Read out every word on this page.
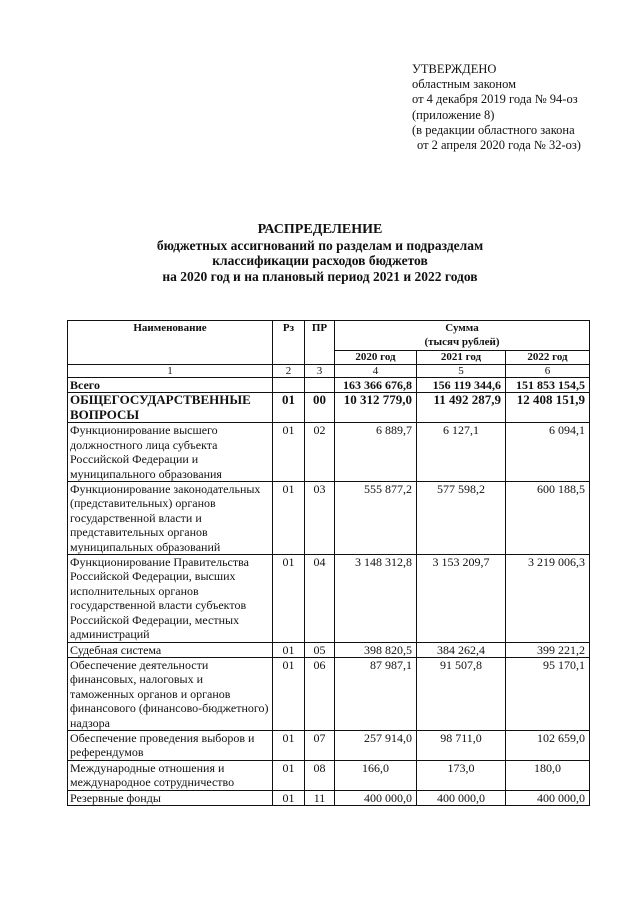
УТВЕРЖДЕНО
областным законом
от 4 декабря 2019 года № 94-оз
(приложение 8)
(в редакции областного закона
от 2 апреля 2020 года № 32-оз)
РАСПРЕДЕЛЕНИЕ
бюджетных ассигнований по разделам и подразделам
классификации расходов бюджетов
на 2020 год и на плановый период 2021 и 2022 годов
Наименование	Рз	ПР	Сумма
(тысяч рублей)		

			2020 год	2021 год	2022 год
1	2	3	4	5	6
Всего			163 366 676,8	156 119 344,6	151 853 154,5
ОБЩЕГОСУДАРСТВЕННЫЕ ВОПРОСЫ	01	00	10 312 779,0	11 492 287,9	12 408 151,9
Функционирование высшего должностного лица субъекта Российской Федерации и муниципального образования	01	02	6 889,7	6 127,1	6 094,1
Функционирование законодательных (представительных) органов государственной власти и представительных органов муниципальных образований	01	03	555 877,2	577 598,2	600 188,5
Функционирование Правительства Российской Федерации, высших исполнительных органов государственной власти субъектов Российской Федерации, местных администраций	01	04	3 148 312,8	3 153 209,7	3 219 006,3
Судебная система	01	05	398 820,5	384 262,4	399 221,2
Обеспечение деятельности финансовых, налоговых и таможенных органов и органов финансового (финансово-бюджетного) надзора	01	06	87 987,1	91 507,8	95 170,1
Обеспечение проведения выборов и референдумов	01	07	257 914,0	98 711,0	102 659,0
Международные отношения и международное сотрудничество	01	08	166,0	173,0	180,0
Резервные фонды	01	11	400 000,0	400 000,0	400 000,0
